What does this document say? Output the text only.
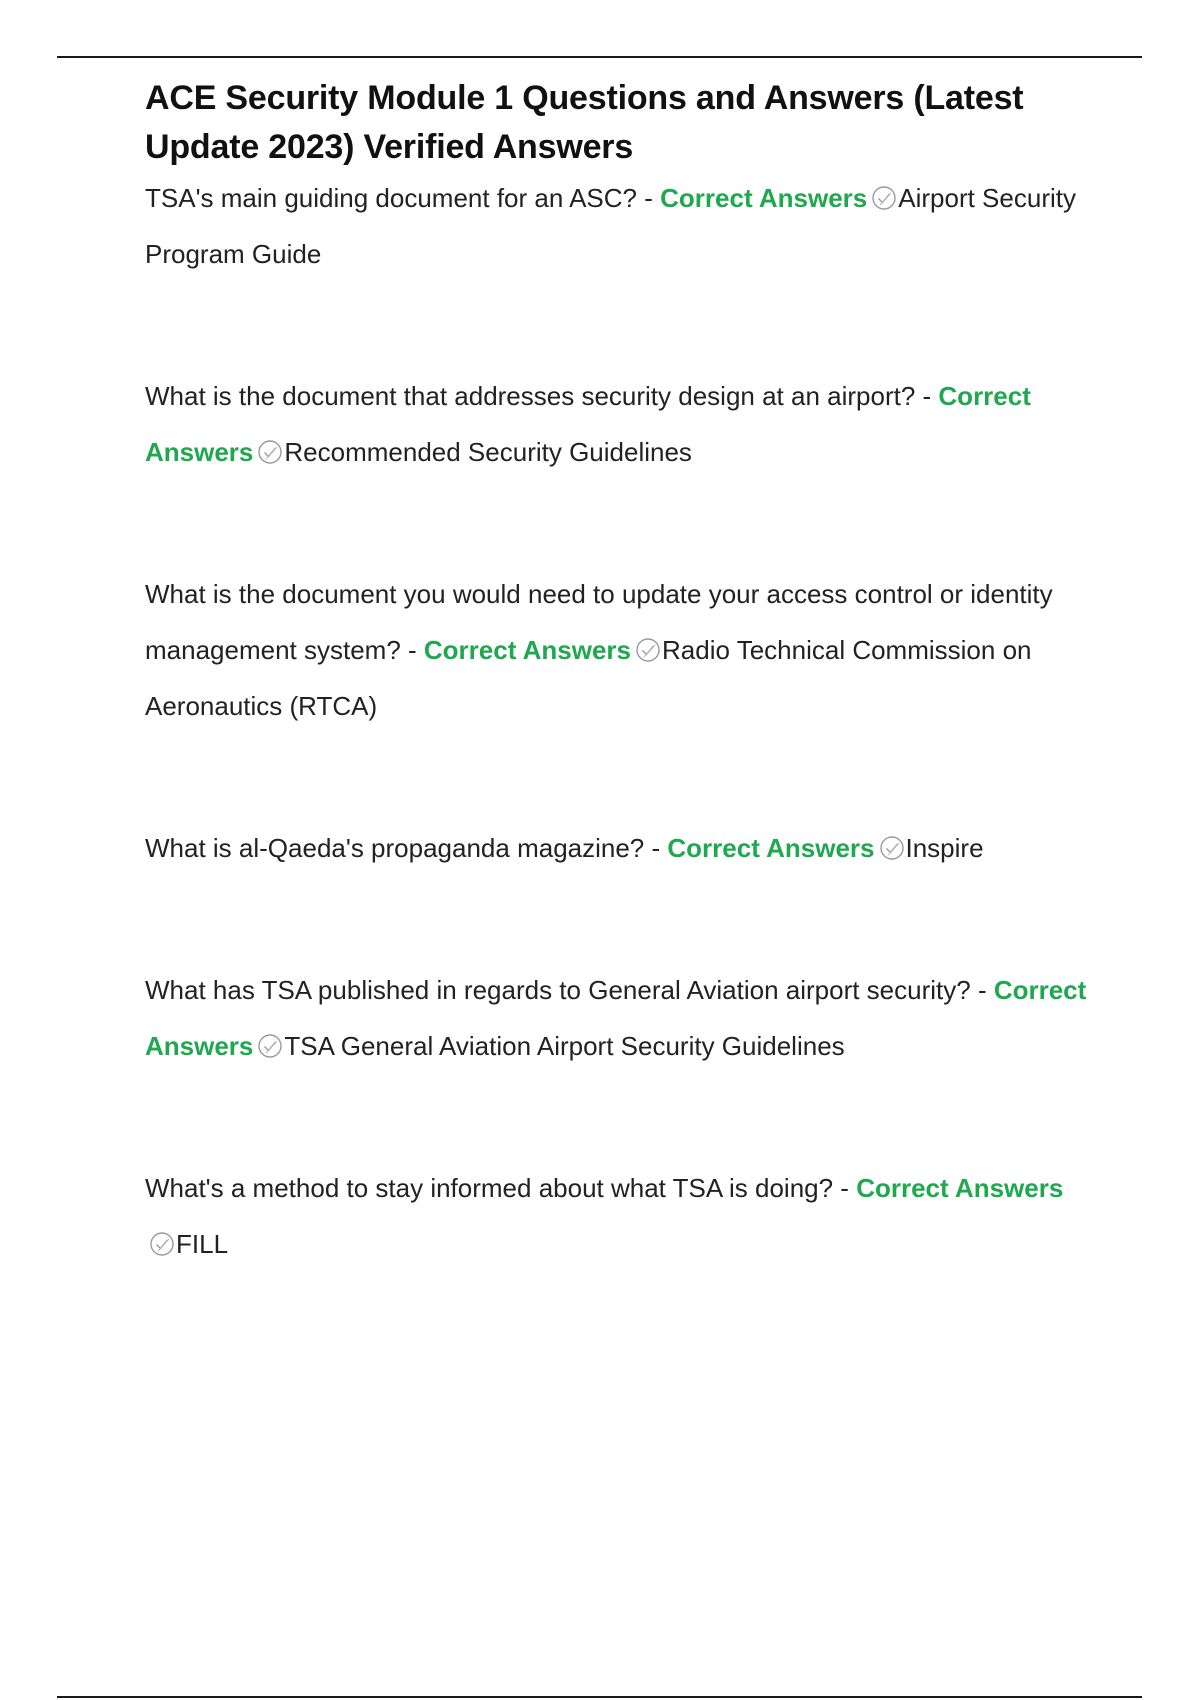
ACE Security Module 1 Questions and Answers (Latest Update 2023) Verified Answers
TSA's main guiding document for an ASC? - Correct Answers Airport Security Program Guide
What is the document that addresses security design at an airport? - Correct Answers Recommended Security Guidelines
What is the document you would need to update your access control or identity management system? - Correct Answers Radio Technical Commission on Aeronautics (RTCA)
What is al-Qaeda's propaganda magazine? - Correct Answers Inspire
What has TSA published in regards to General Aviation airport security? - Correct Answers TSA General Aviation Airport Security Guidelines
What's a method to stay informed about what TSA is doing? - Correct Answers
FILL
